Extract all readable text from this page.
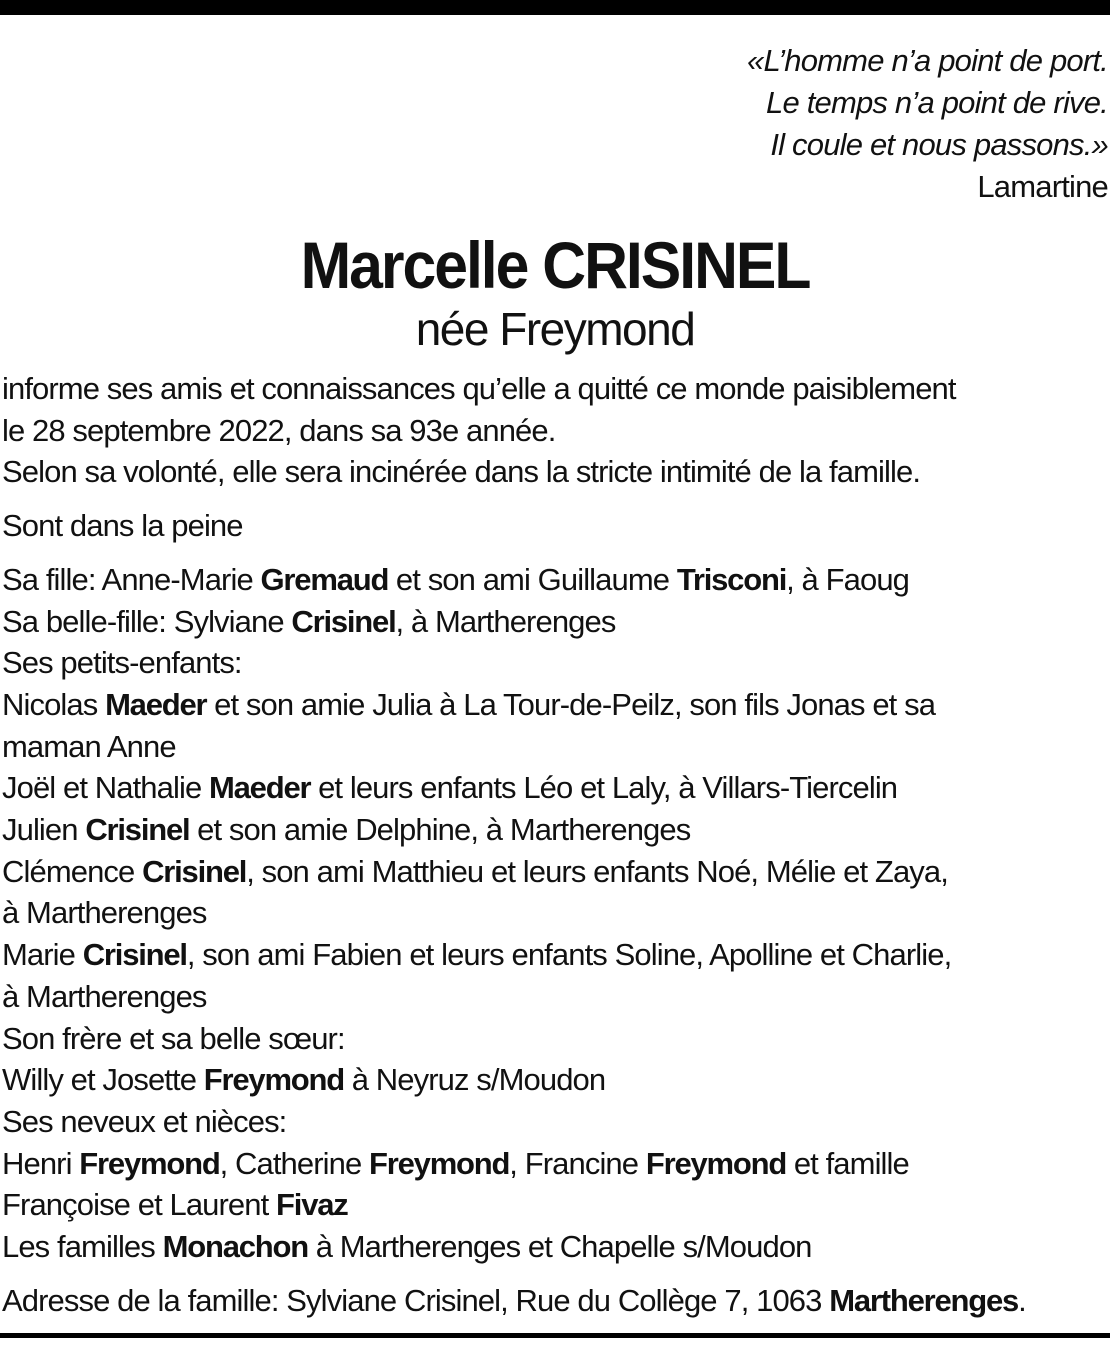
«L’homme n’a point de port.
Le temps n’a point de rive.
Il coule et nous passons.»
Lamartine
Marcelle CRISINEL
née Freymond
informe ses amis et connaissances qu’elle a quitté ce monde paisiblement
le 28 septembre 2022, dans sa 93e année.
Selon sa volonté, elle sera incinérée dans la stricte intimité de la famille.
Sont dans la peine
Sa fille: Anne-Marie Gremaud et son ami Guillaume Trisconi, à Faoug
Sa belle-fille: Sylviane Crisinel, à Martherenges
Ses petits-enfants:
Nicolas Maeder et son amie Julia à La Tour-de-Peilz, son fils Jonas et sa
maman Anne
Joël et Nathalie Maeder et leurs enfants Léo et Laly, à Villars-Tiercelin
Julien Crisinel et son amie Delphine, à Martherenges
Clémence Crisinel, son ami Matthieu et leurs enfants Noé, Mélie et Zaya,
à Martherenges
Marie Crisinel, son ami Fabien et leurs enfants Soline, Apolline et Charlie,
à Martherenges
Son frère et sa belle sœur:
Willy et Josette Freymond à Neyruz s/Moudon
Ses neveux et nièces:
Henri Freymond, Catherine Freymond, Francine Freymond et famille
Françoise et Laurent Fivaz
Les familles Monachon à Martherenges et Chapelle s/Moudon
Adresse de la famille: Sylviane Crisinel, Rue du Collège 7, 1063 Martherenges.
